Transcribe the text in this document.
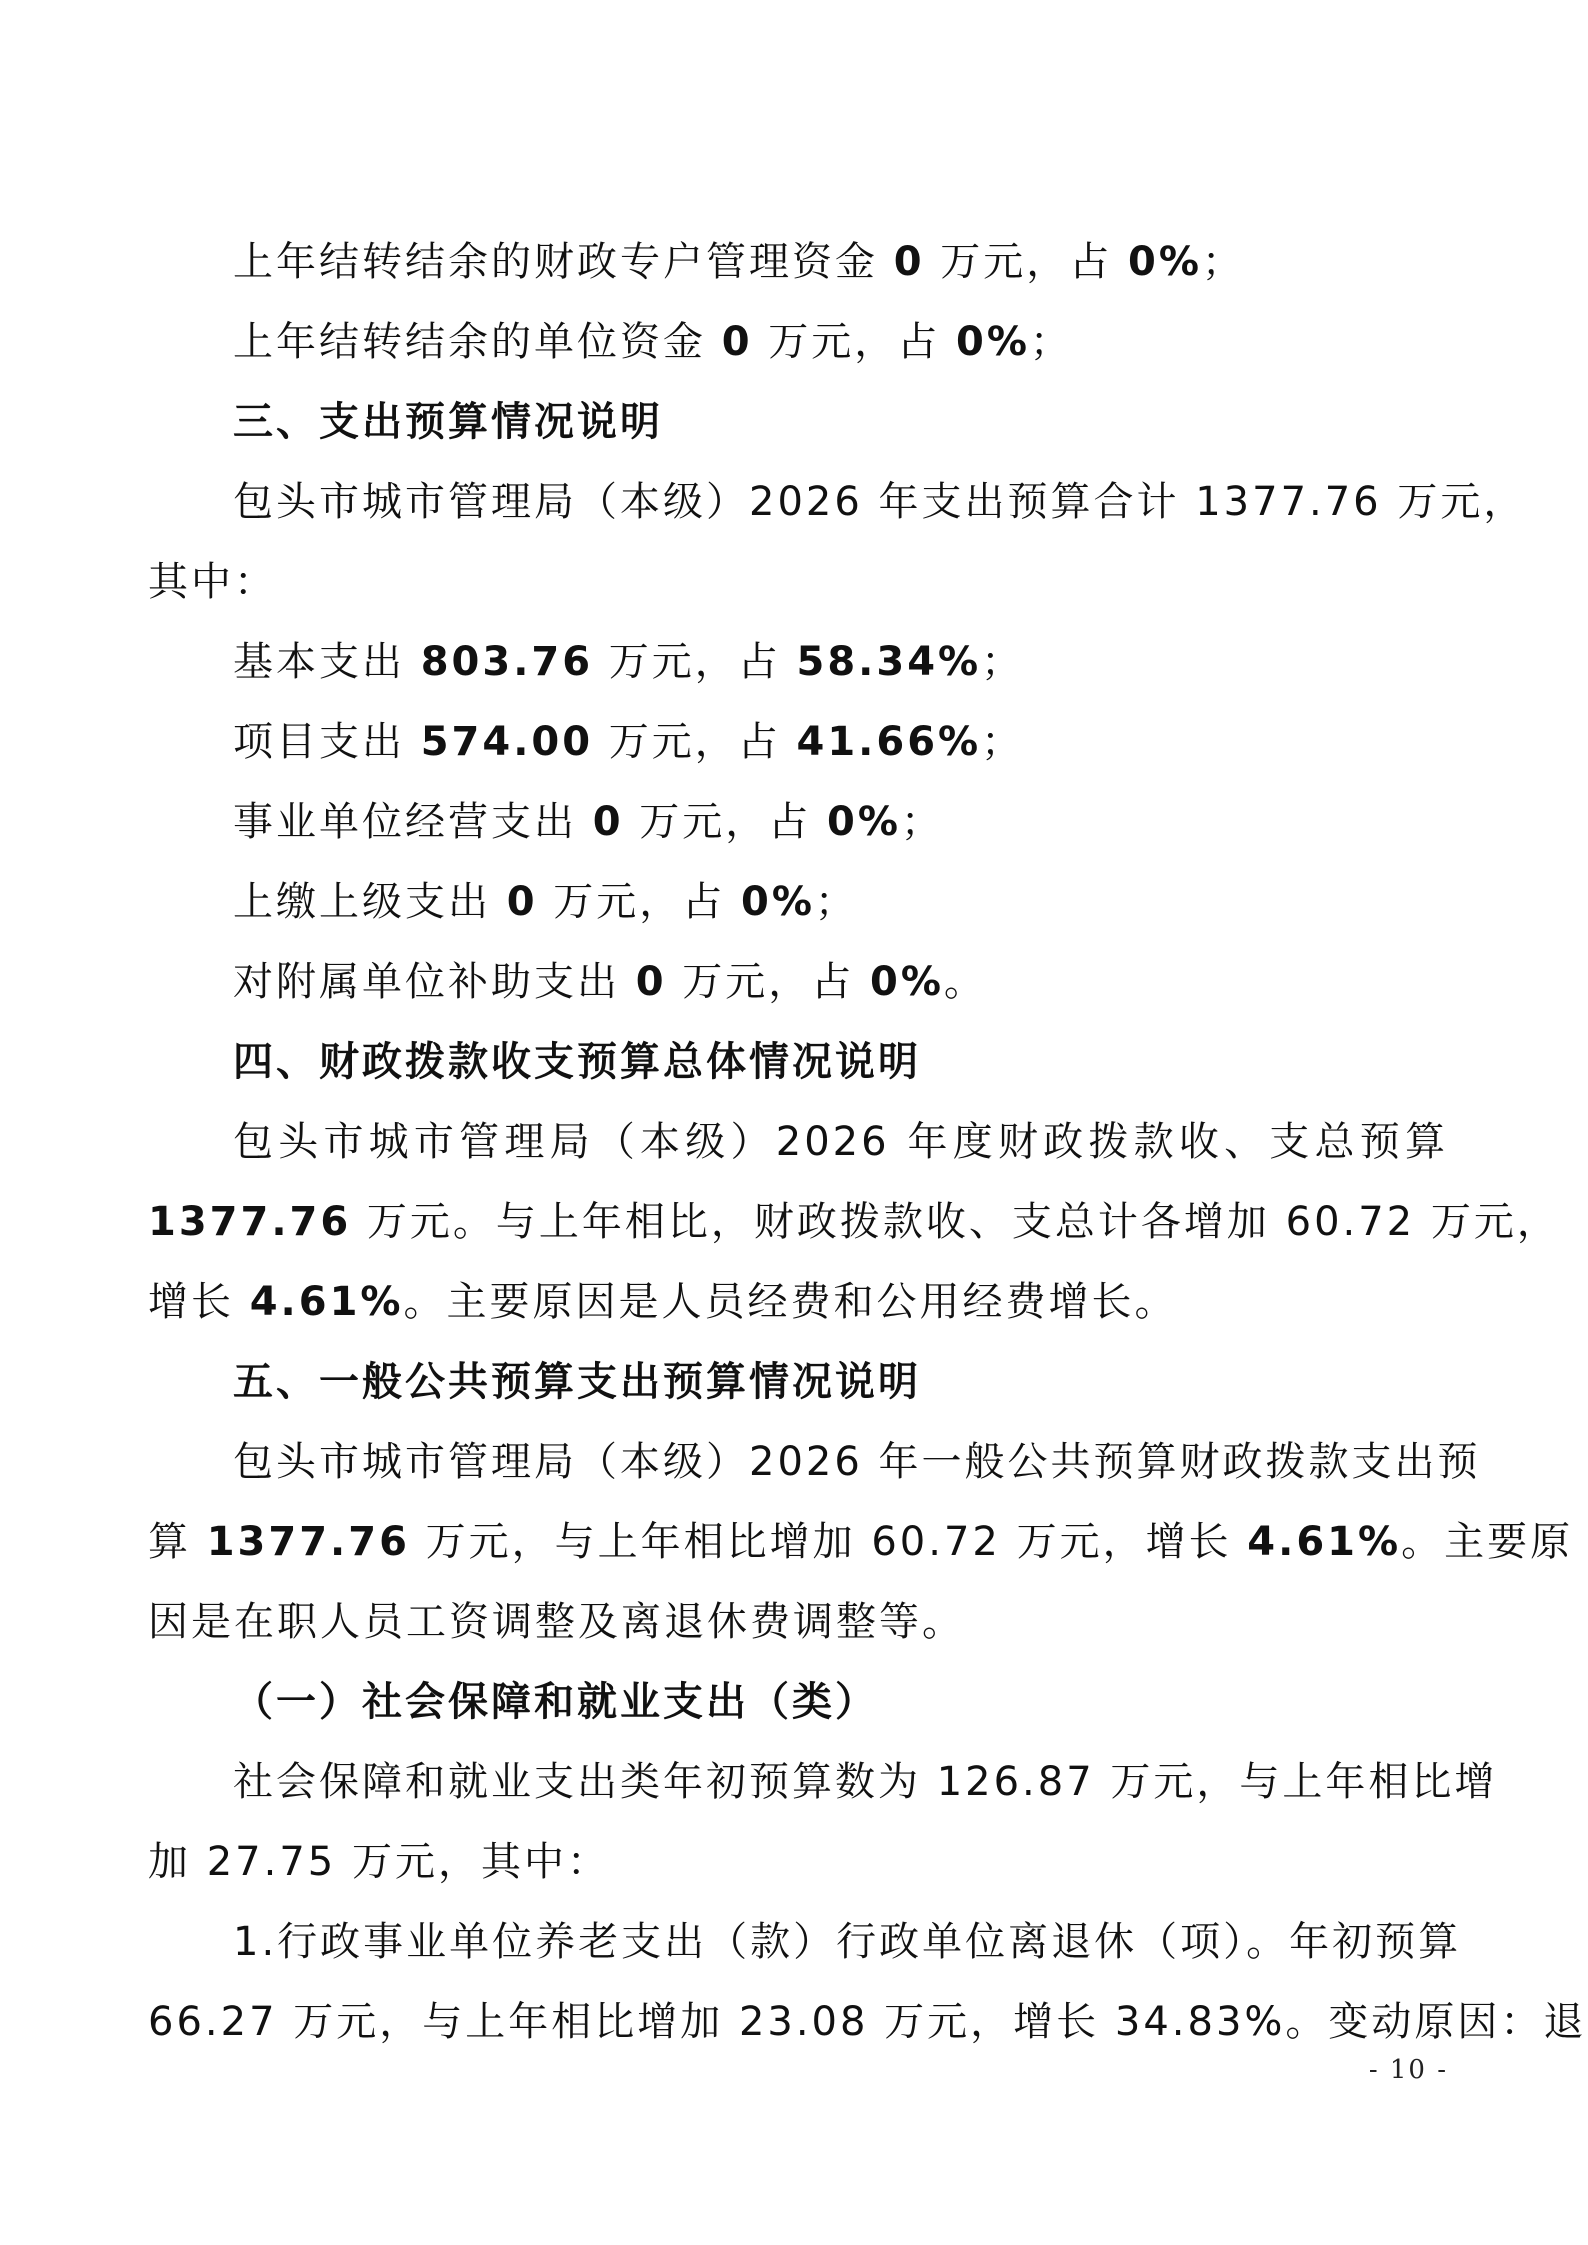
上年结转结余的财政专户管理资金 0 万元，占 0%；
上年结转结余的单位资金 0 万元，占 0%；
三、支出预算情况说明
包头市城市管理局（本级）2026 年支出预算合计 1377.76 万元，
其中：
基本支出 803.76 万元，占 58.34%；
项目支出 574.00 万元，占 41.66%；
事业单位经营支出 0 万元，占 0%；
上缴上级支出 0 万元，占 0%；
对附属单位补助支出 0 万元，占 0%。
四、财政拨款收支预算总体情况说明
包头市城市管理局（本级）2026 年度财政拨款收、支总预算
1377.76 万元。与上年相比，财政拨款收、支总计各增加 60.72 万元，
增长 4.61%。主要原因是人员经费和公用经费增长。
五、一般公共预算支出预算情况说明
包头市城市管理局（本级）2026 年一般公共预算财政拨款支出预
算 1377.76 万元，与上年相比增加 60.72 万元，增长 4.61%。主要原
因是在职人员工资调整及离退休费调整等。
（一）社会保障和就业支出（类）
社会保障和就业支出类年初预算数为 126.87 万元，与上年相比增
加 27.75 万元，其中：
1.行政事业单位养老支出（款）行政单位离退休（项）。年初预算
66.27 万元，与上年相比增加 23.08 万元，增长 34.83%。变动原因：退
- 10 -
